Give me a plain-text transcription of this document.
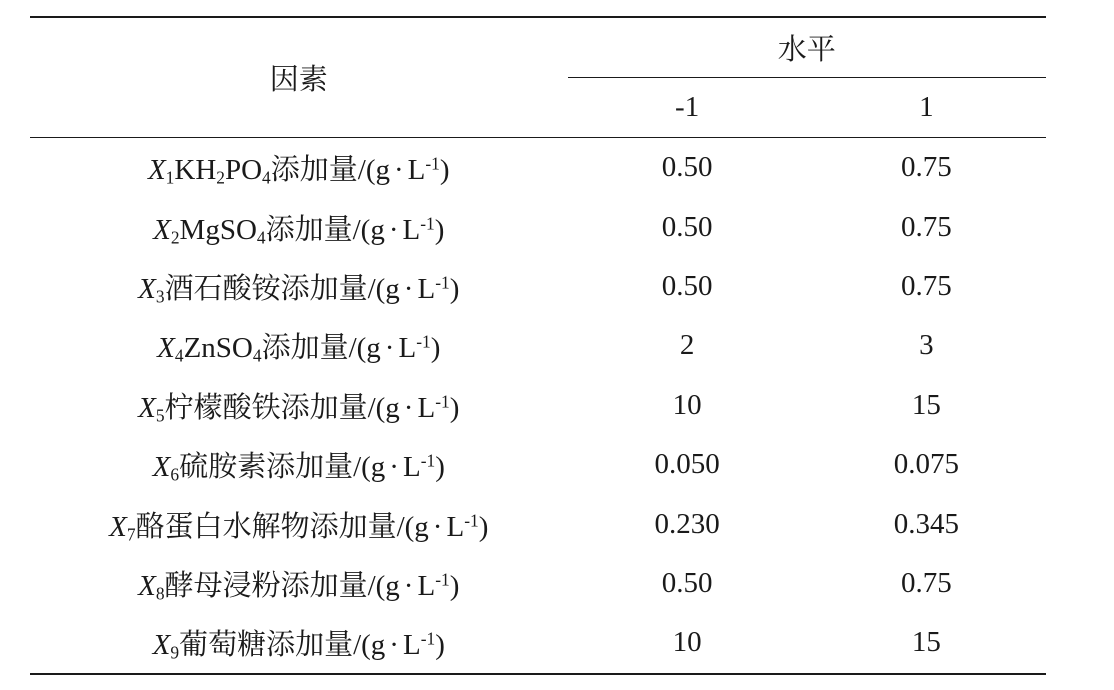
因素	水平	
	-1	1
$X_1KH_2PO_4$添加量$/(g \cdot L^{-1})$	0.50	0.75
$X_2MgSO_4$添加量$/(g \cdot L^{-1})$	0.50	0.75
$X_3$酒石酸铵添加量$/(g \cdot L^{-1})$	0.50	0.75
$X_4ZnSO_4$添加量$/(g \cdot L^{-1})$	2	3
$X_5$柠檬酸铁添加量$/(g \cdot L^{-1})$	10	15
$X_6$硫胺素添加量$/(g \cdot L^{-1})$	0.050	0.075
$X_7$酪蛋白水解物添加量$/(g \cdot L^{-1})$	0.230	0.345
$X_8$酵母浸粉添加量$/(g \cdot L^{-1})$	0.50	0.75
$X_9$葡萄糖添加量$/(g \cdot L^{-1})$	10	15
